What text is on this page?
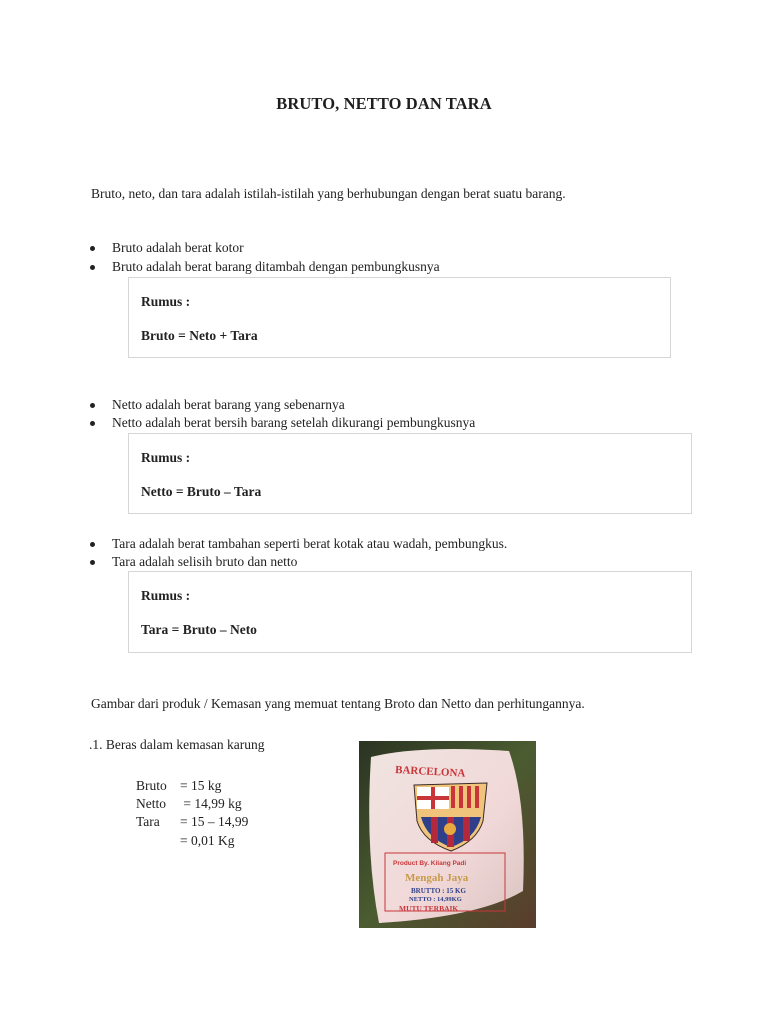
BRUTO, NETTO DAN TARA
Bruto, neto, dan tara adalah istilah-istilah yang berhubungan dengan berat suatu barang.
Bruto adalah berat kotor
Bruto adalah berat barang ditambah dengan pembungkusnya
Rumus :
Bruto = Neto + Tara
Netto adalah berat barang yang sebenarnya
Netto adalah berat bersih barang setelah dikurangi pembungkusnya
Rumus :
Netto = Bruto – Tara
Tara adalah berat tambahan seperti berat kotak atau wadah, pembungkus.
Tara adalah selisih bruto dan netto
Rumus :
Tara = Bruto – Neto
Gambar dari produk / Kemasan yang memuat tentang Broto dan Netto dan perhitungannya.
.1. Beras dalam kemasan karung
Bruto = 15 kg
Netto	= 14,99 kg
Tara	= 15 – 14,99
= 0,01 Kg
BARCELONA
Product By. Kilang Padi
Mengah Jaya
BRUTTO : 15 KG
NETTO : 14,99KG
MUTU TERBAIK
